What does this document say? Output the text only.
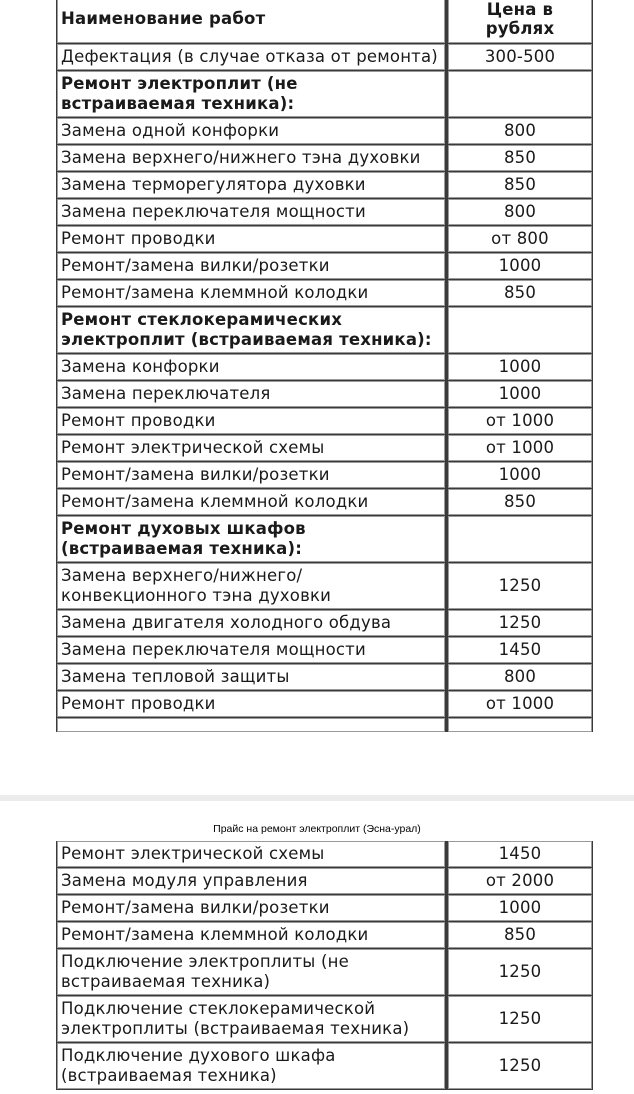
Наименование работ	Цена в
рублях
Дефектация (в случае отказа от ремонта)	300-500
Ремонт электроплит (не
встраиваемая техника):	
Замена одной конфорки	800
Замена верхнего/нижнего тэна духовки	850
Замена терморегулятора духовки	850
Замена переключателя мощности	800
Ремонт проводки	от 800
Ремонт/замена вилки/розетки	1000
Ремонт/замена клеммной колодки	850
Ремонт стеклокерамических
электроплит (встраиваемая техника):	
Замена конфорки	1000
Замена переключателя	1000
Ремонт проводки	от 1000
Ремонт электрической схемы	от 1000
Ремонт/замена вилки/розетки	1000
Ремонт/замена клеммной колодки	850
Ремонт духовых шкафов
(встраиваемая техника):	
Замена верхнего/нижнего/
конвекционного тэна духовки	1250
Замена двигателя холодного обдува	1250
Замена переключателя мощности	1450
Замена тепловой защиты	800
Ремонт проводки	от 1000

Прайс на ремонт электроплит (Эсна-урал)
Ремонт электрической схемы	1450
Замена модуля управления	от 2000
Ремонт/замена вилки/розетки	1000
Ремонт/замена клеммной колодки	850
Подключение электроплиты (не
встраиваемая техника)	1250
Подключение стеклокерамической
электроплиты (встраиваемая техника)	1250
Подключение духового шкафа
(встраиваемая техника)	1250
